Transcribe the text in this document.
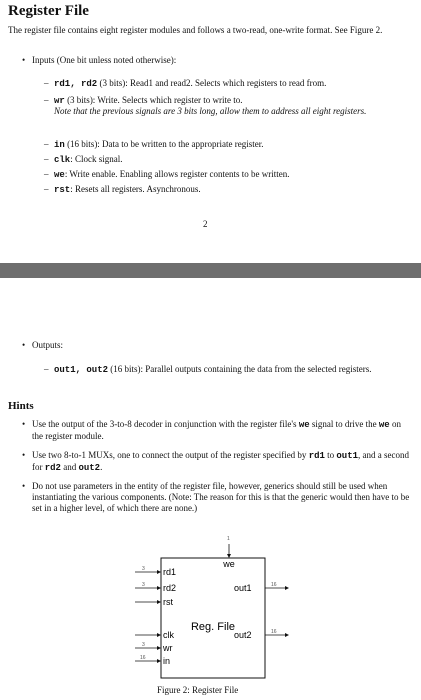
Register File

The register file contains eight register modules and follows a two-read, one-write format. See Figure 2.

• Inputs (One bit unless noted otherwise):
– rd1, rd2 (3 bits): Read1 and read2. Selects which registers to read from.
– wr (3 bits): Write. Selects which register to write to.
Note that the previous signals are 3 bits long, allow them to address all eight registers.
– in (16 bits): Data to be written to the appropriate register.
– clk: Clock signal.
– we: Write enable. Enabling allows register contents to be written.
– rst: Resets all registers. Asynchronous.
2
• Outputs:
– out1, out2 (16 bits): Parallel outputs containing the data from the selected registers.
Hints
• Use the output of the 3-to-8 decoder in conjunction with the register file's we signal to drive the we on the register module.
• Use two 8-to-1 MUXs, one to connect the output of the register specified by rd1 to out1, and a second for rd2 and out2.
• Do not use parameters in the entity of the register file, however, generics should still be used when instantiating the various components. (Note: The reason for this is that the generic would then have to be set in a higher level, of which there are none.)
Reg. File
1
we
3 rd1
3 rd2
rst
clk
3 wr
16 in
out1	16
out2	16
Figure 2: Register File
